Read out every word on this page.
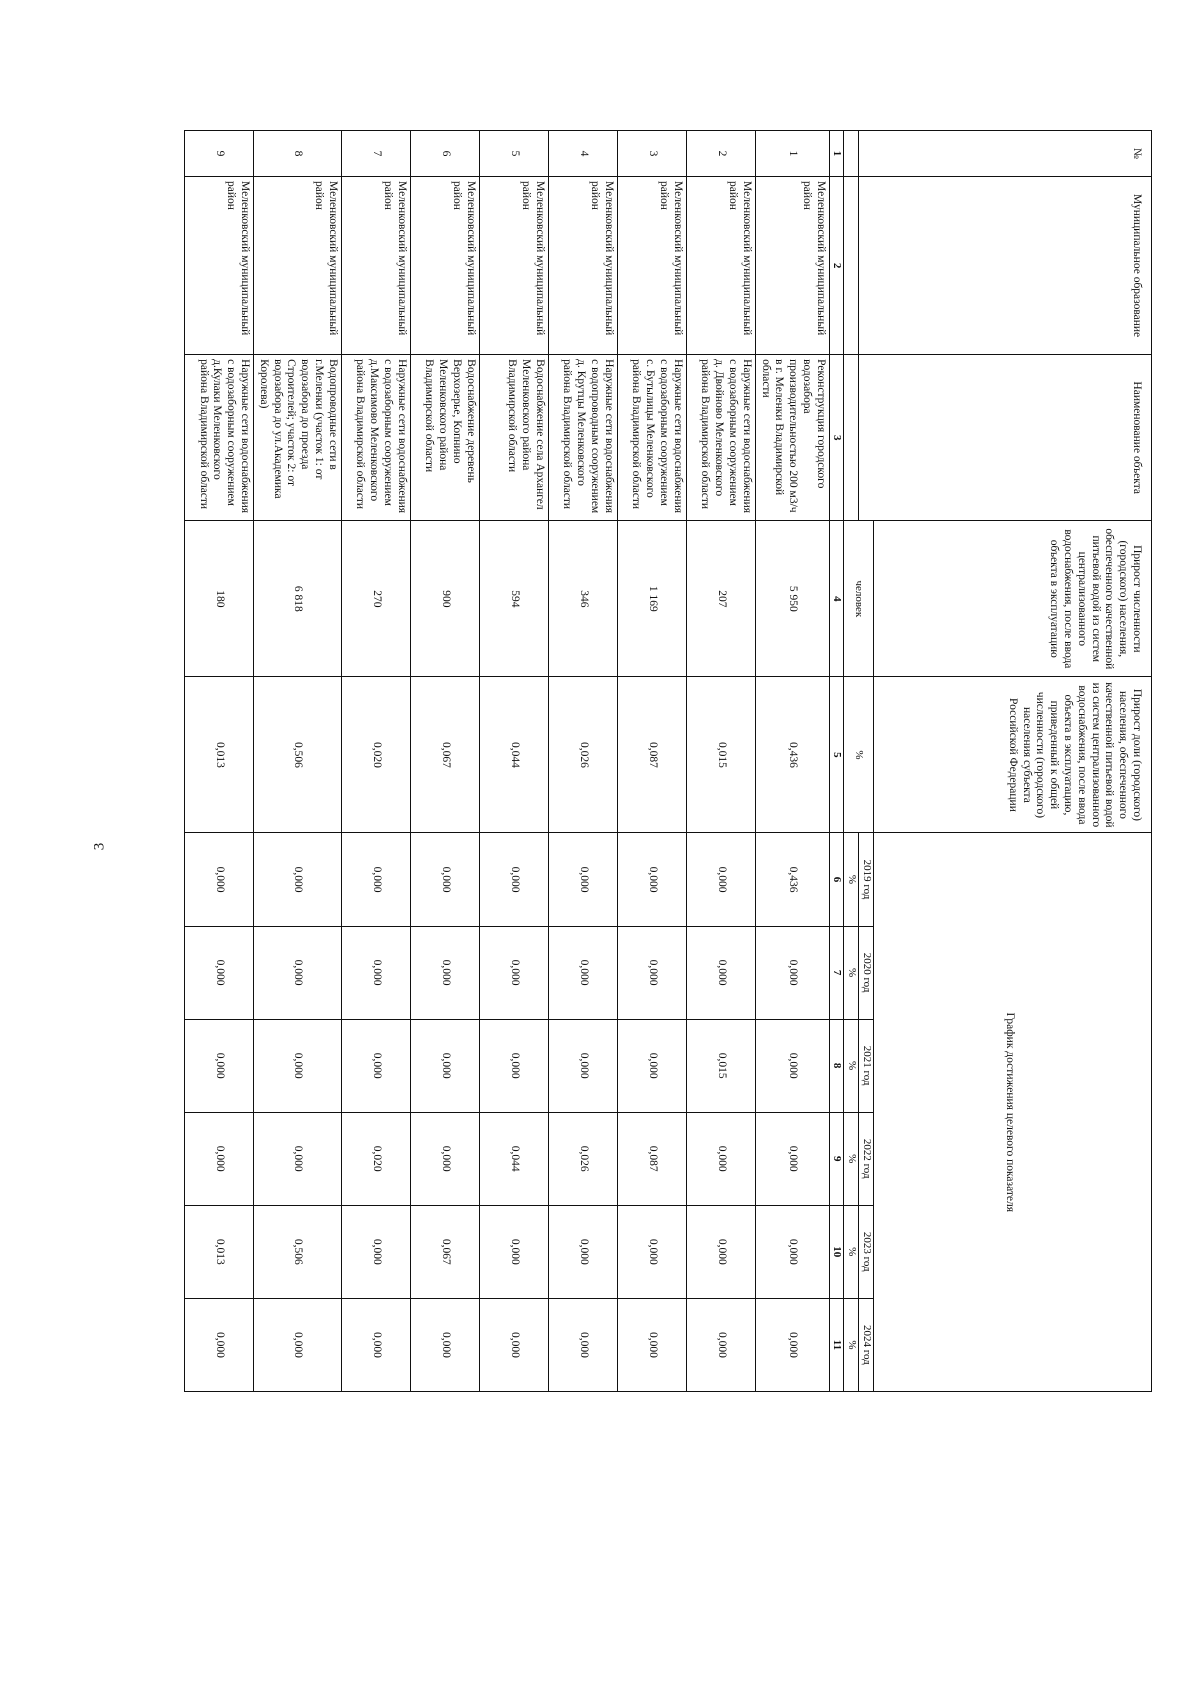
3
№	Муниципальное образование	Наименование объекта	Прирост численности (городского) населения, обеспеченного качественной питьевой водой из систем централизованного водоснабжения, после ввода объекта в эксплуатацию	Прирост доли (городского) населения, обеспеченного качественной питьевой водой из систем централизованного водоснабжения, после ввода объекта в эксплуатацию, приведенный к общей численности (городского) населения субъекта Российской Федерации	График достижения целевого показателя					
			человек	%	2019 год	2020 год	2021 год	2022 год	2023 год	2024 год
					%	%	%	%	%	%
1	2	3	4	5	6	7	8	9	10	11
1	Меленковский муниципальный район	Реконструкция городского водозабора производительностью 200 м3/ч в г. Меленки Владимирской области	5 950	0,436	0,436	0,000	0,000	0,000	0,000	0,000
2	Меленковский муниципальный район	Наружные сети водоснабжения с водозаборным сооружением д. Двойново Меленковского района Владимирской области	207	0,015	0,000	0,000	0,015	0,000	0,000	0,000
3	Меленковский муниципальный район	Наружные сети водоснабжения с водозаборным сооружением с. Бутылицы Меленковского района Владимирской области	1 169	0,087	0,000	0,000	0,000	0,087	0,000	0,000
4	Меленковский муниципальный район	Наружные сети водоснабжения с водопроводным сооружением д. Крутцы Меленковского района Владимирской области	346	0,026	0,000	0,000	0,000	0,026	0,000	0,000
5	Меленковский муниципальный район	Водоснабжение села Архангел Меленковского района Владимирской области	594	0,044	0,000	0,000	0,000	0,044	0,000	0,000
6	Меленковский муниципальный район	Водоснабжение деревень Верхозерье, Копнино Меленковского района Владимирской области	900	0,067	0,000	0,000	0,000	0,000	0,067	0,000
7	Меленковский муниципальный район	Наружные сети водоснабжения с водозаборным сооружением д.Максимово Меленковского района Владимирской области	270	0,020	0,000	0,000	0,000	0,020	0,000	0,000
8	Меленковский муниципальный район	Водопроводные сети в г.Меленки (участок 1: от водозабора до проезда Строителей; участок 2: от водозабора до ул.Академика Королева)	6 818	0,506	0,000	0,000	0,000	0,000	0,506	0,000
9	Меленковский муниципальный район	Наружные сети водоснабжения с водозаборным сооружением д.Кулаки Меленковского района Владимирской области	180	0,013	0,000	0,000	0,000	0,000	0,013	0,000
